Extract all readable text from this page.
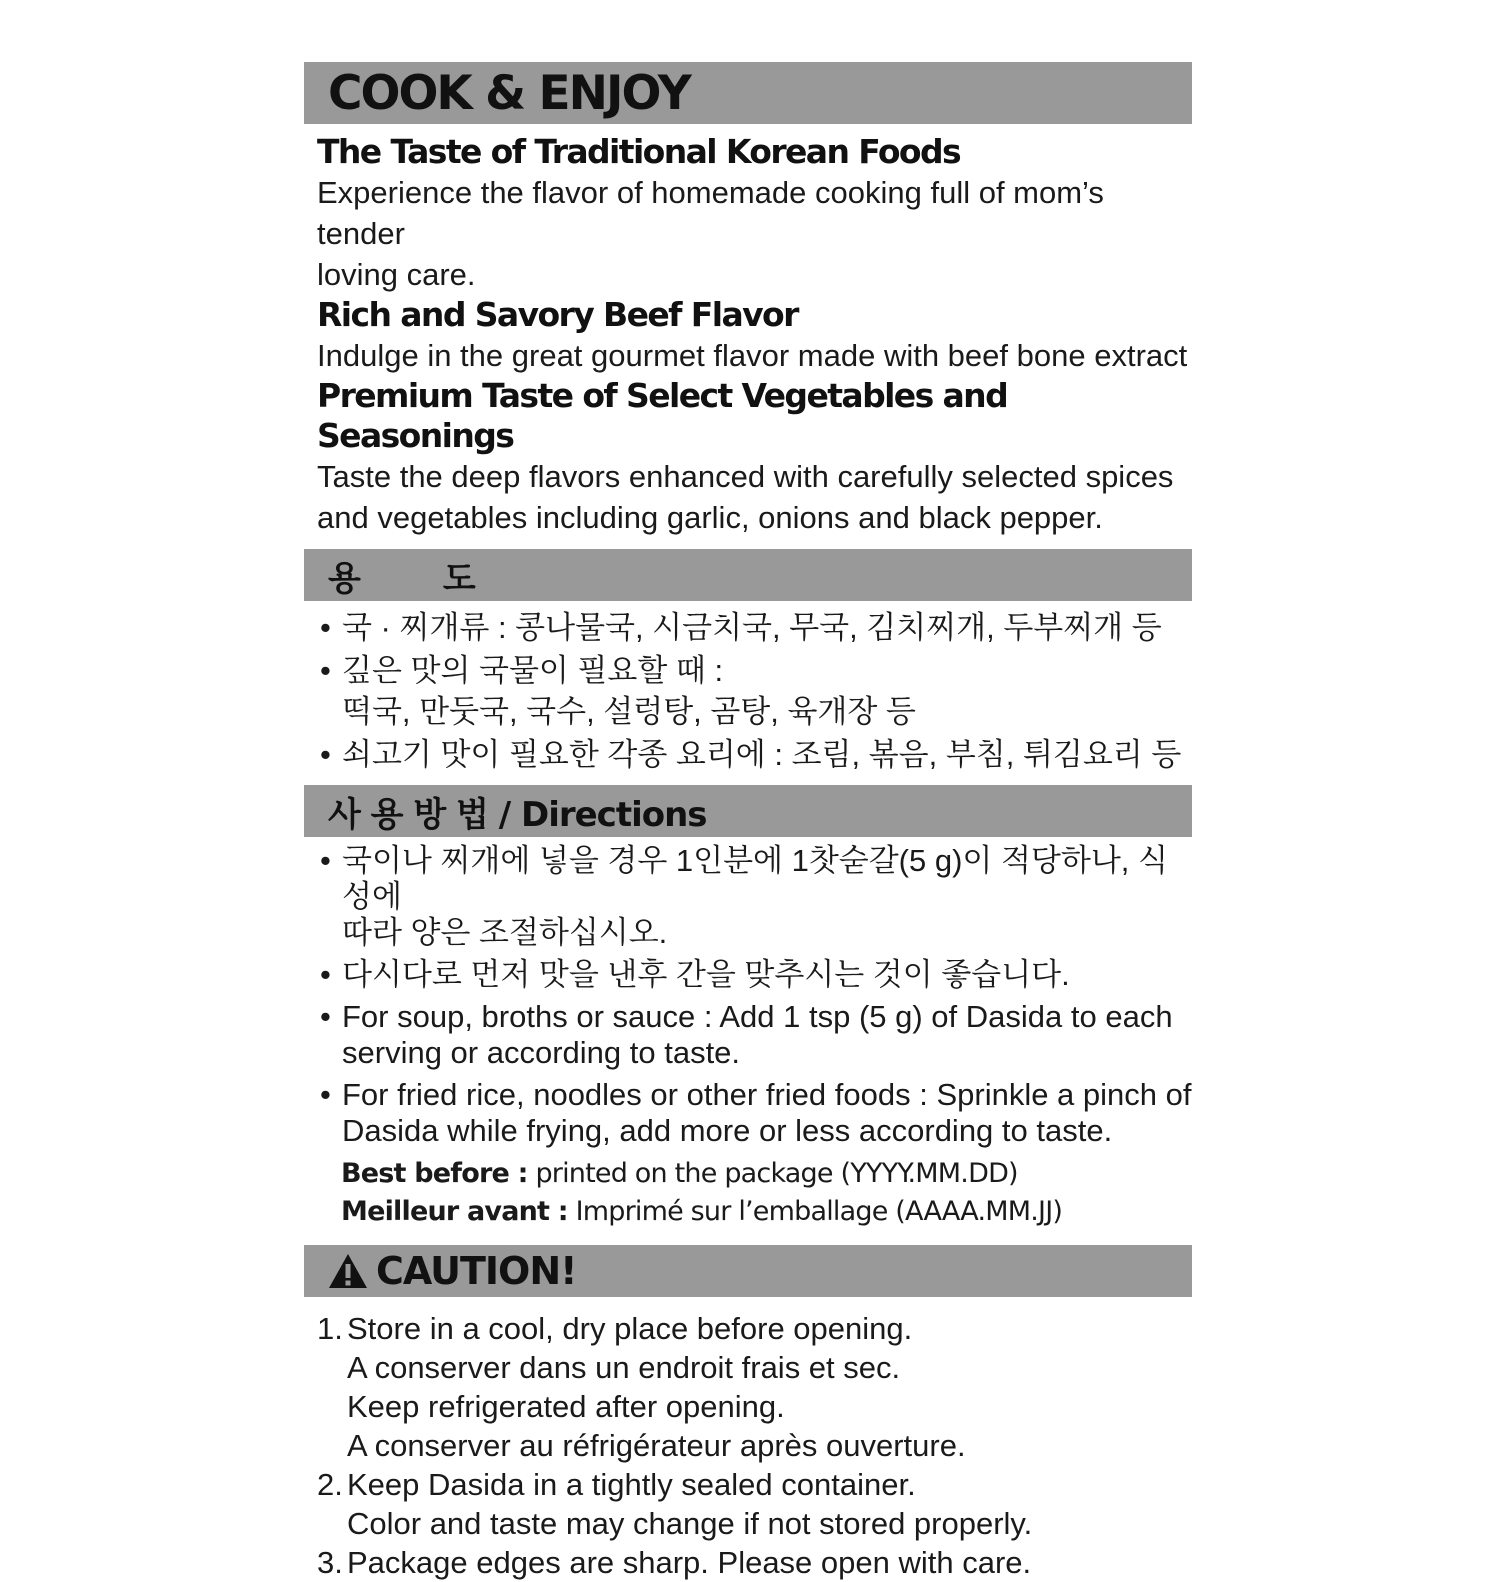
COOK & ENJOY
The Taste of Traditional Korean Foods
Experience the flavor of homemade cooking full of mom’s tender
loving care.
Rich and Savory Beef Flavor
Indulge in the great gourmet flavor made with beef bone extract
Premium Taste of Select Vegetables and Seasonings
Taste the deep flavors enhanced with carefully selected spices
and vegetables including garlic, onions and black pepper.
용 도
• 국 · 찌개류 : 콩나물국, 시금치국, 무국, 김치찌개, 두부찌개 등
• 깊은 맛의 국물이 필요할 때 :
떡국, 만둣국, 국수, 설렁탕, 곰탕, 육개장 등
• 쇠고기 맛이 필요한 각종 요리에 : 조림, 볶음, 부침, 튀김요리 등
사 용 방 법 / Directions
• 국이나 찌개에 넣을 경우 1인분에 1찻숟갈(5 g)이 적당하나, 식성에
따라 양은 조절하십시오.
• 다시다로 먼저 맛을 낸후 간을 맞추시는 것이 좋습니다.
• For soup, broths or sauce : Add 1 tsp (5 g) of Dasida to each
serving or according to taste.
• For fried rice, noodles or other fried foods : Sprinkle a pinch of
Dasida while frying, add more or less according to taste.
Best before : printed on the package (YYYY.MM.DD)
Meilleur avant : Imprimé sur l’emballage (AAAA.MM.JJ)
CAUTION!
1. Store in a cool, dry place before opening.
A conserver dans un endroit frais et sec.
Keep refrigerated after opening.
A conserver au réfrigérateur après ouverture.
2. Keep Dasida in a tightly sealed container.
Color and taste may change if not stored properly.
3. Package edges are sharp. Please open with care.
